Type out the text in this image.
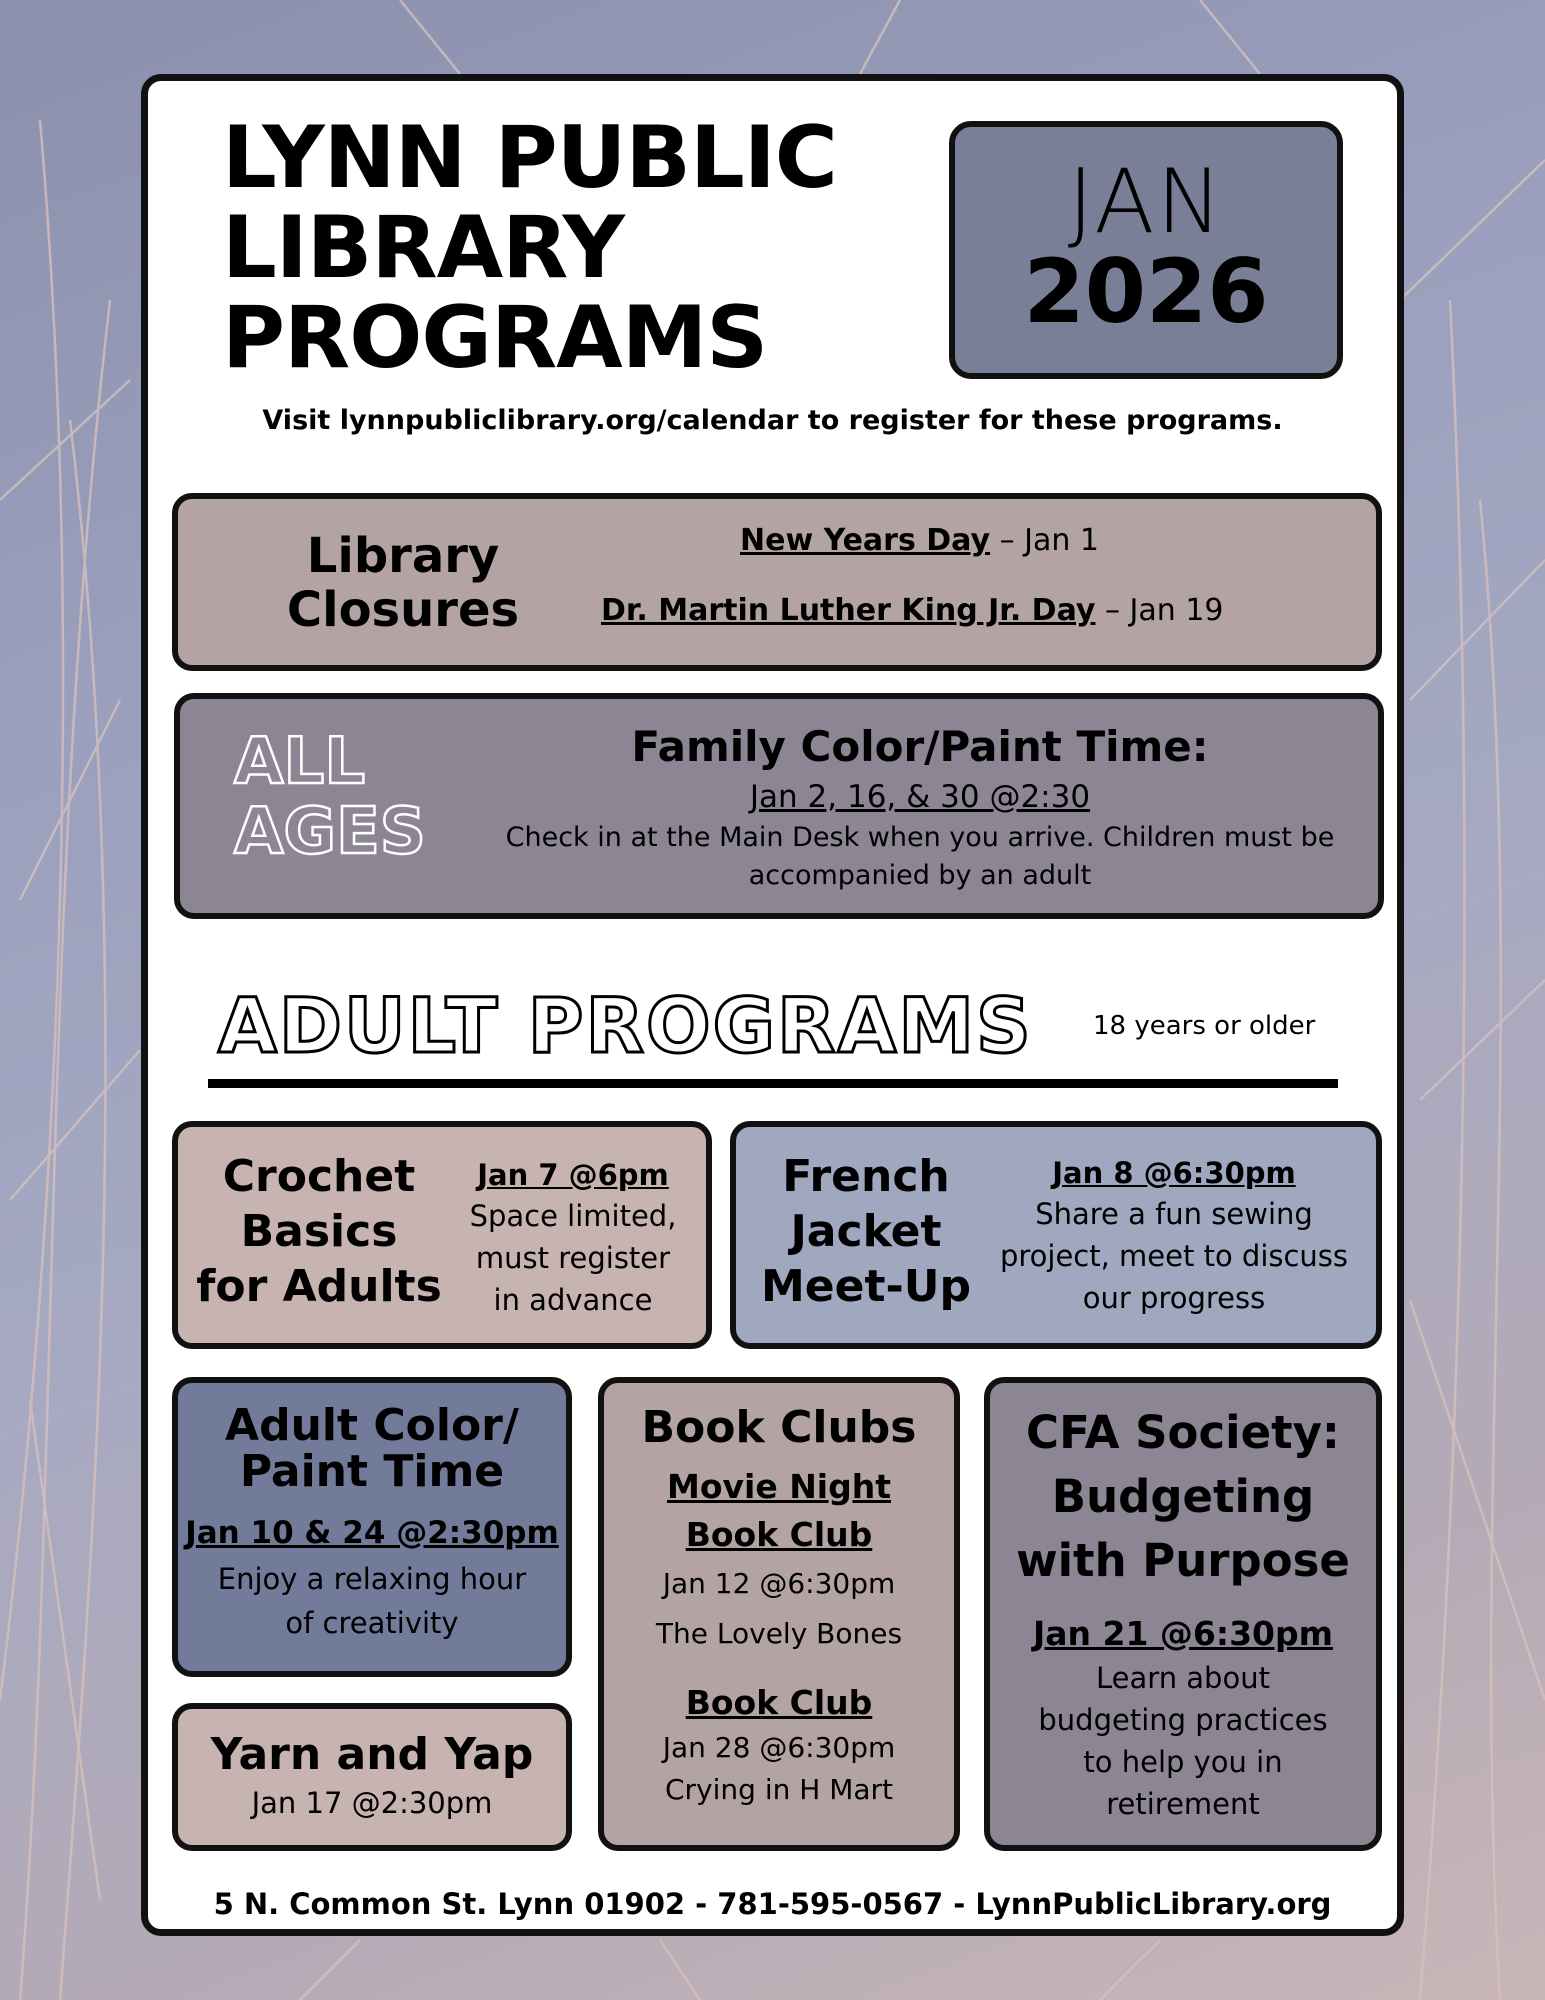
LYNN PUBLIC
LIBRARY
PROGRAMS
JAN
2026
Visit lynnpubliclibrary.org/calendar to register for these programs.
Library Closures
New Years Day – Jan 1
Dr. Martin Luther King Jr. Day – Jan 19
ALL
AGES
Family Color/Paint Time:
Jan 2, 16, & 30 @2:30
Check in at the Main Desk when you arrive. Children must be
accompanied by an adult
ADULT PROGRAMS 18 years or older
Crochet
Basics
for Adults
Jan 7 @6pm
Space limited,
must register
in advance
French
Jacket
Meet-Up
Jan 8 @6:30pm
Share a fun sewing
project, meet to discuss
our progress
Adult Color/
Paint Time
Jan 10 & 24 @2:30pm
Enjoy a relaxing hour
of creativity
Yarn and Yap
Jan 17 @2:30pm
Book Clubs
Movie Night
Book Club
Jan 12 @6:30pm
The Lovely Bones
Book Club
Jan 28 @6:30pm
Crying in H Mart
CFA Society:
Budgeting
with Purpose
Jan 21 @6:30pm
Learn about
budgeting practices
to help you in
retirement
5 N. Common St. Lynn 01902 - 781-595-0567 - LynnPublicLibrary.org
